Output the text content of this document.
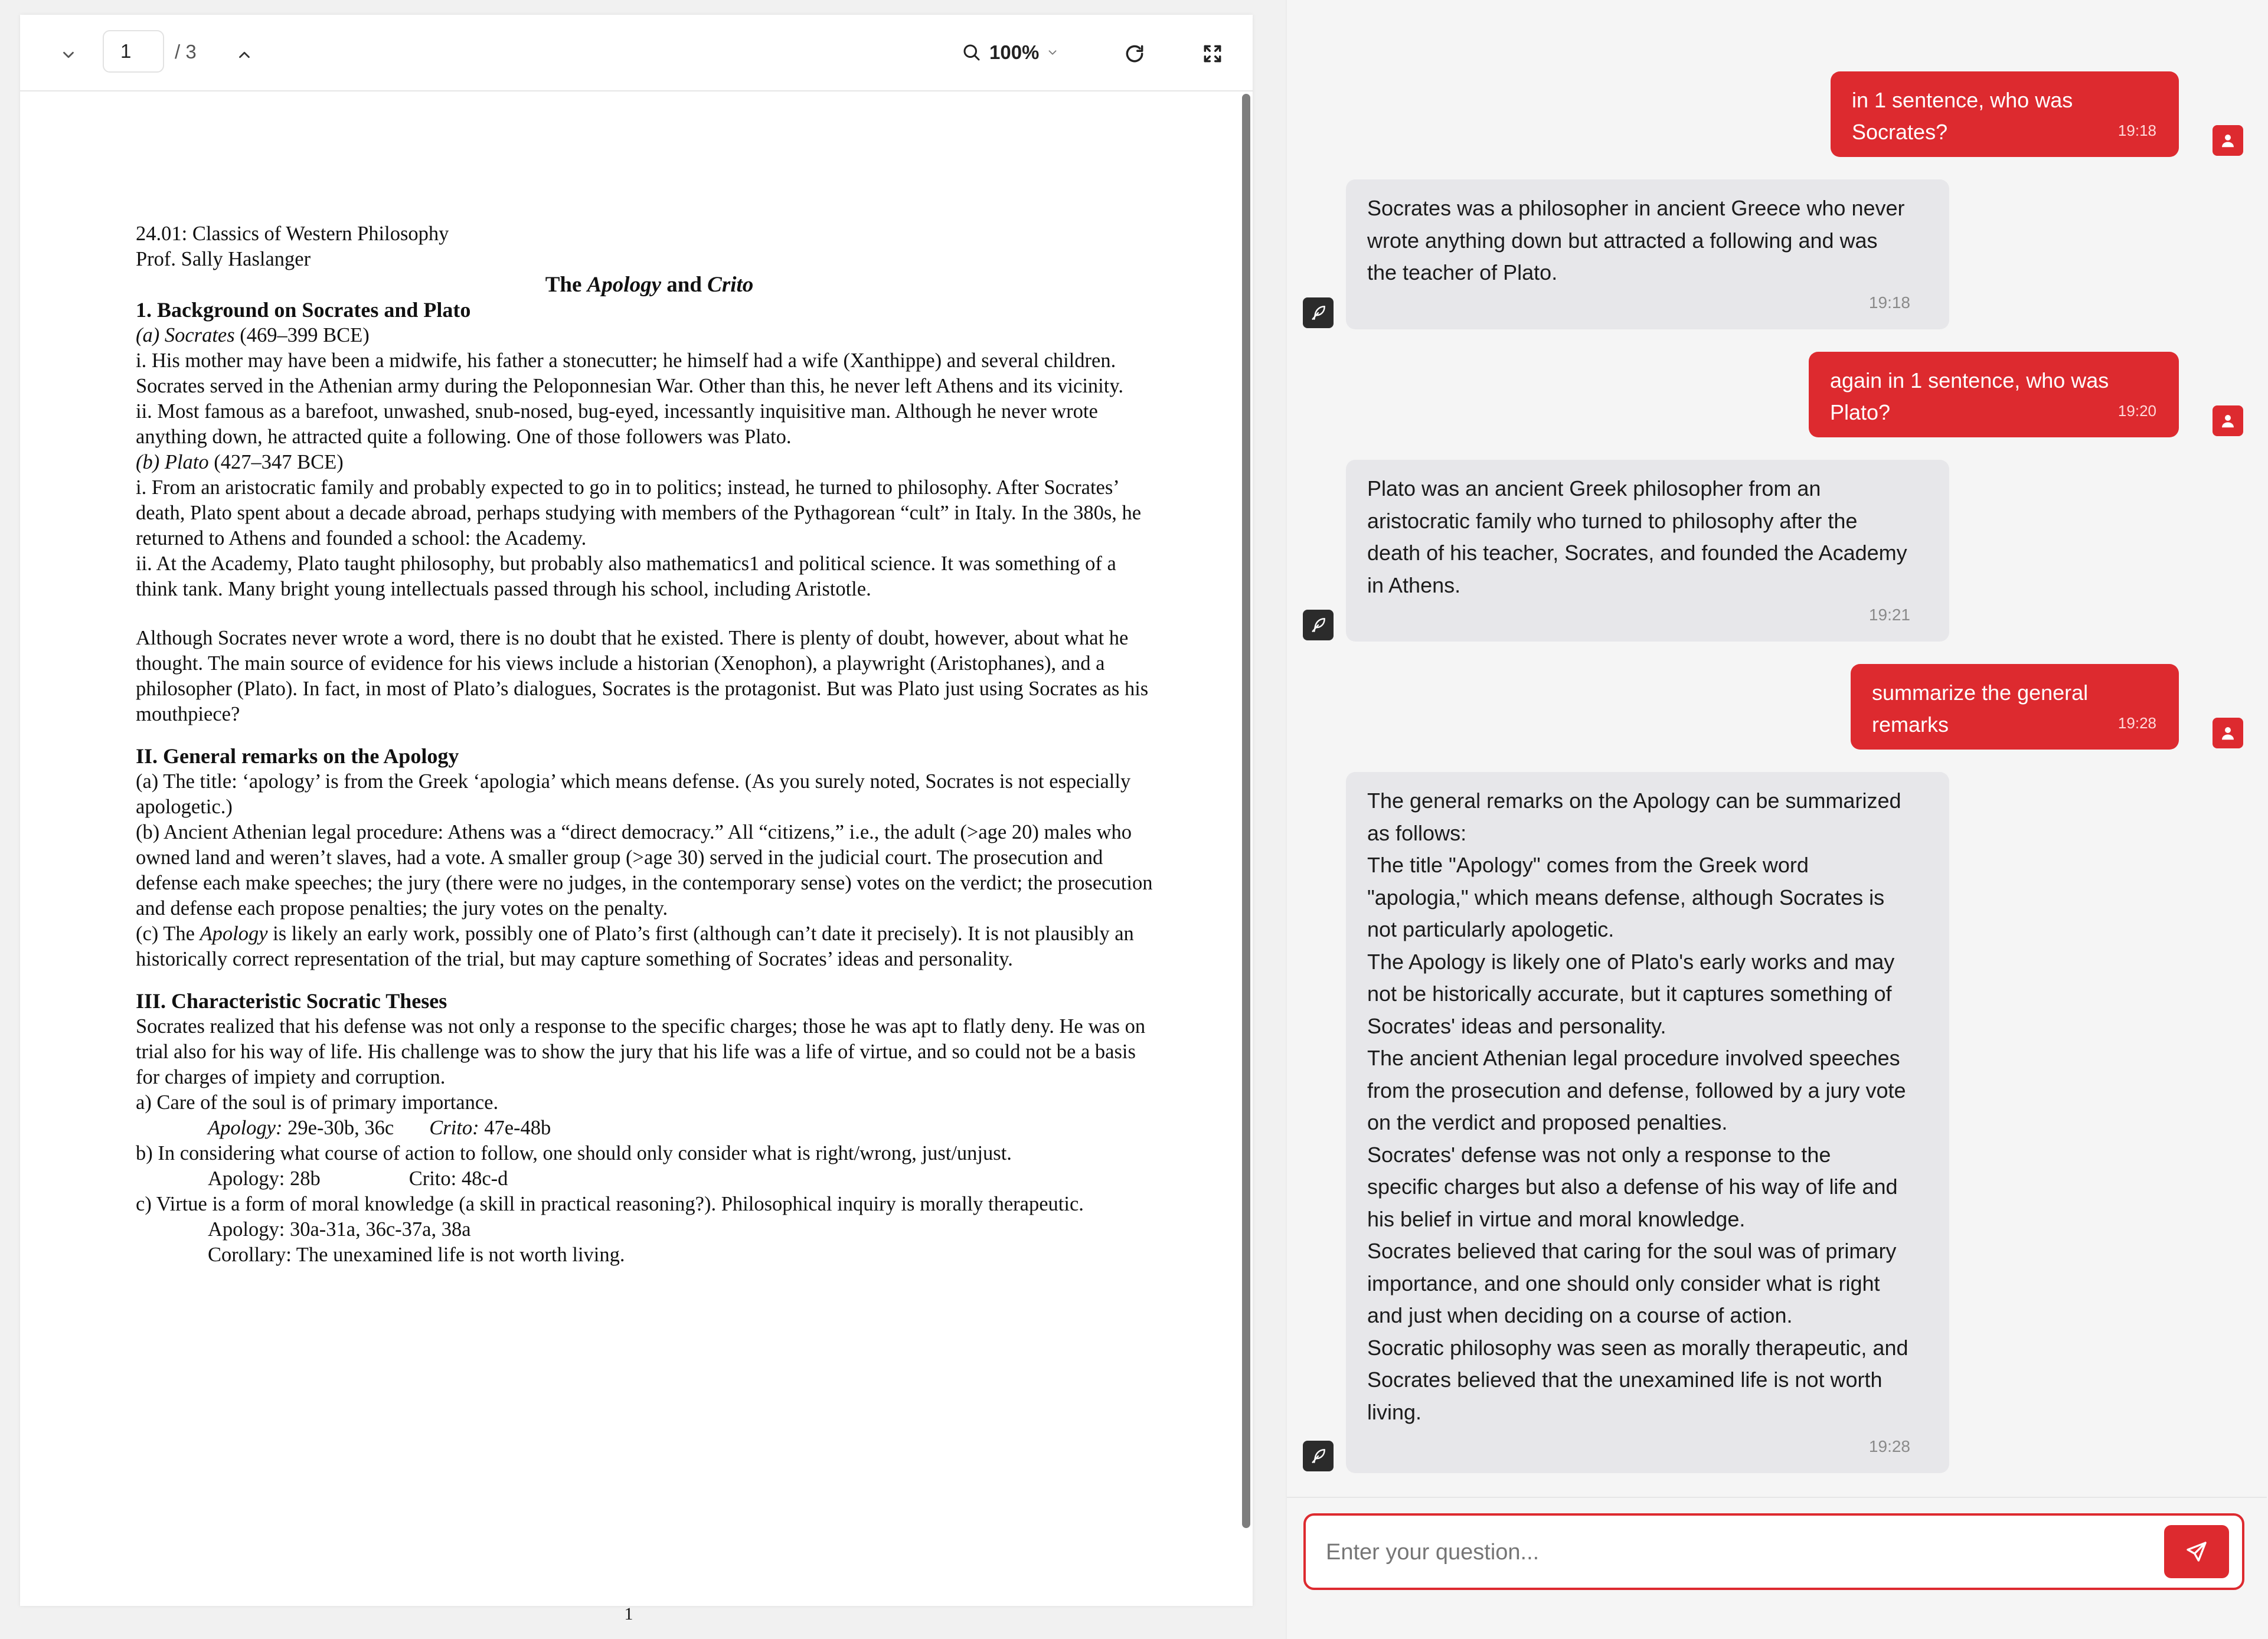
1
/ 3	100%

24.01: Classics of Western Philosophy

Prof. Sally Haslanger

The Apology and Crito

1. Background on Socrates and Plato

(a) Socrates (469–399 BCE)

i. His mother may have been a midwife, his father a stonecutter; he himself had a wife (Xanthippe) and several children. Socrates served in the Athenian army during the Peloponnesian War. Other than this, he never left Athens and its vicinity.

ii. Most famous as a barefoot, unwashed, snub-nosed, bug-eyed, incessantly inquisitive man. Although he never wrote anything down, he attracted quite a following. One of those followers was Plato.

(b) Plato (427–347 BCE)

i. From an aristocratic family and probably expected to go in to politics; instead, he turned to philosophy. After Socrates’ death, Plato spent about a decade abroad, perhaps studying with members of the Pythagorean “cult” in Italy. In the 380s, he returned to Athens and founded a school: the Academy.

ii. At the Academy, Plato taught philosophy, but probably also mathematics1 and political science. It was something of a think tank. Many bright young intellectuals passed through his school, including Aristotle.

Although Socrates never wrote a word, there is no doubt that he existed. There is plenty of doubt, however, about what he thought. The main source of evidence for his views include a historian (Xenophon), a playwright (Aristophanes), and a philosopher (Plato). In fact, in most of Plato’s dialogues, Socrates is the protagonist. But was Plato just using Socrates as his mouthpiece?

II. General remarks on the Apology

(a) The title: ‘apology’ is from the Greek ‘apologia’ which means defense. (As you surely noted, Socrates is not especially apologetic.)

(b) Ancient Athenian legal procedure: Athens was a “direct democracy.” All “citizens,” i.e., the adult (>age 20) males who owned land and weren’t slaves, had a vote. A smaller group (>age 30) served in the judicial court. The prosecution and defense each make speeches; the jury (there were no judges, in the contemporary sense) votes on the verdict; the prosecution and defense each propose penalties; the jury votes on the penalty.

(c) The Apology is likely an early work, possibly one of Plato’s first (although can’t date it precisely). It is not plausibly an historically correct representation of the trial, but may capture something of Socrates’ ideas and personality.

III. Characteristic Socratic Theses

Socrates realized that his defense was not only a response to the specific charges; those he was apt to flatly deny. He was on trial also for his way of life. His challenge was to show the jury that his life was a life of virtue, and so could not be a basis for charges of impiety and corruption.

a) Care of the soul is of primary importance.

Apology: 29e-30b, 36c Crito: 47e-48b

b) In considering what course of action to follow, one should only consider what is right/wrong, just/unjust.

Apology: 28b	Crito: 48c-d

c) Virtue is a form of moral knowledge (a skill in practical reasoning?). Philosophical inquiry is morally therapeutic.

Apology: 30a-31a, 36c-37a, 38a

Corollary: The unexamined life is not worth living.

1
in 1 sentence, who was Socrates?	19:18
Socrates was a philosopher in ancient Greece who never
wrote anything down but attracted a following and was
the teacher of Plato.
19:18
again in 1 sentence, who was Plato?	19:20
Plato was an ancient Greek philosopher from an
aristocratic family who turned to philosophy after the
death of his teacher, Socrates, and founded the Academy
in Athens.
19:21
summarize the general remarks	19:28
The general remarks on the Apology can be summarized
as follows:
The title "Apology" comes from the Greek word
"apologia," which means defense, although Socrates is
not particularly apologetic.
The Apology is likely one of Plato's early works and may
not be historically accurate, but it captures something of
Socrates' ideas and personality.
The ancient Athenian legal procedure involved speeches
from the prosecution and defense, followed by a jury vote
on the verdict and proposed penalties.
Socrates' defense was not only a response to the
specific charges but also a defense of his way of life and
his belief in virtue and moral knowledge.
Socrates believed that caring for the soul was of primary
importance, and one should only consider what is right
and just when deciding on a course of action.
Socratic philosophy was seen as morally therapeutic, and
Socrates believed that the unexamined life is not worth
living.
19:28
Enter your question...
